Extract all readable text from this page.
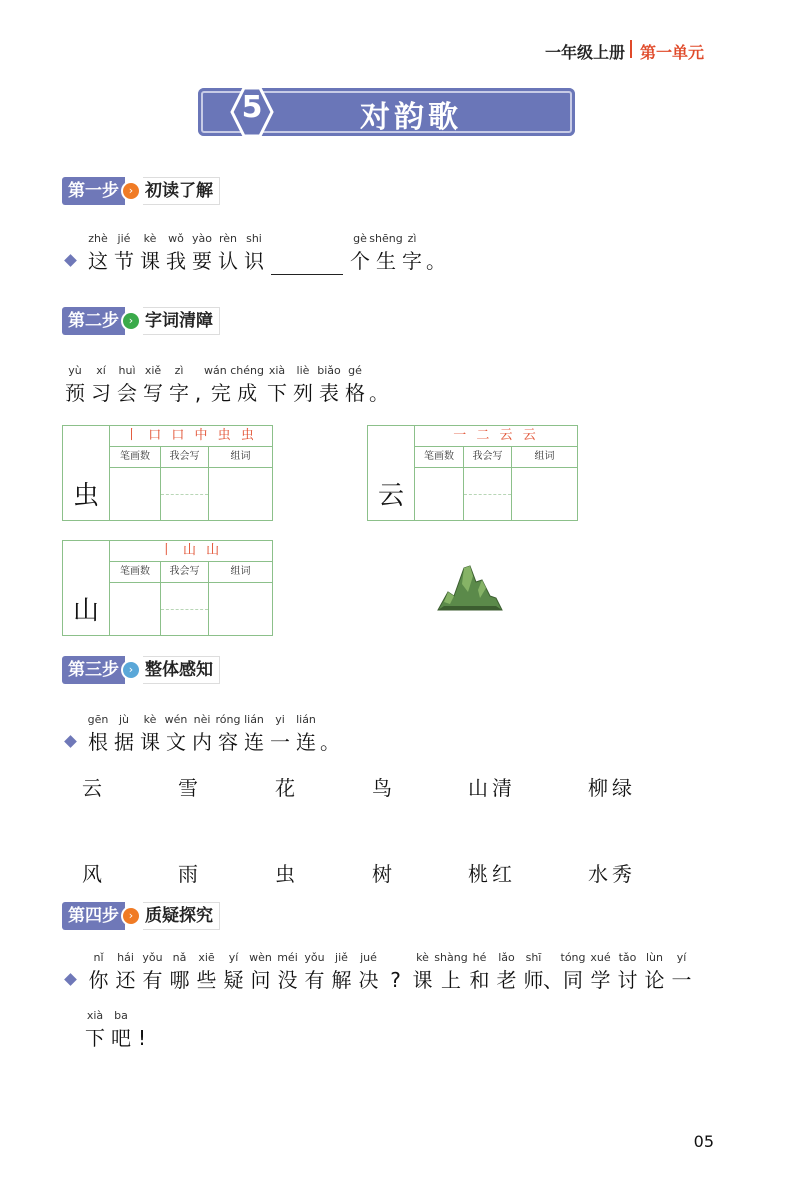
一年级上册 第一单元
5	对韵歌
第一步 › 初读了解
zhè
这
jié
节
kè
课
wǒ
我
yào
要
rèn
认
shi
识
gè
个
shēng
生
zì
字 。
第二步 › 字词清障
yù
预
xí
习
huì
会
xiě
写
zì
字 ,
wán chéng
完 成
xià
下
liè
列
biǎo
表
gé
格 。
虫
丨 口 口 中 虫 虫
笔画数	我会写	组词
云
一 二 云 云
笔画数	我会写	组词
山
丨 山 山
笔画数	我会写	组词
第三步 › 整体感知
gēn
根
jù
据
kè
课
wén
文
nèi
内
róng
容
lián
连
yi
一
lián
连 。
云	雪	花	鸟	山清	柳绿
风	雨	虫	树	桃红	水秀
第四步 › 质疑探究
nǐ
你
hái
还
yǒu
有
nǎ
哪
xiē
些
yí
疑
wèn
问
méi
没
yǒu
有
jiě
解
jué
决 ?
kè
课
shàng
上
hé
和
lǎo
老
shī
师 、
tóng
同
xué
学
tǎo
讨
lùn
论
yí
一
xià
下
ba
吧 !
05
